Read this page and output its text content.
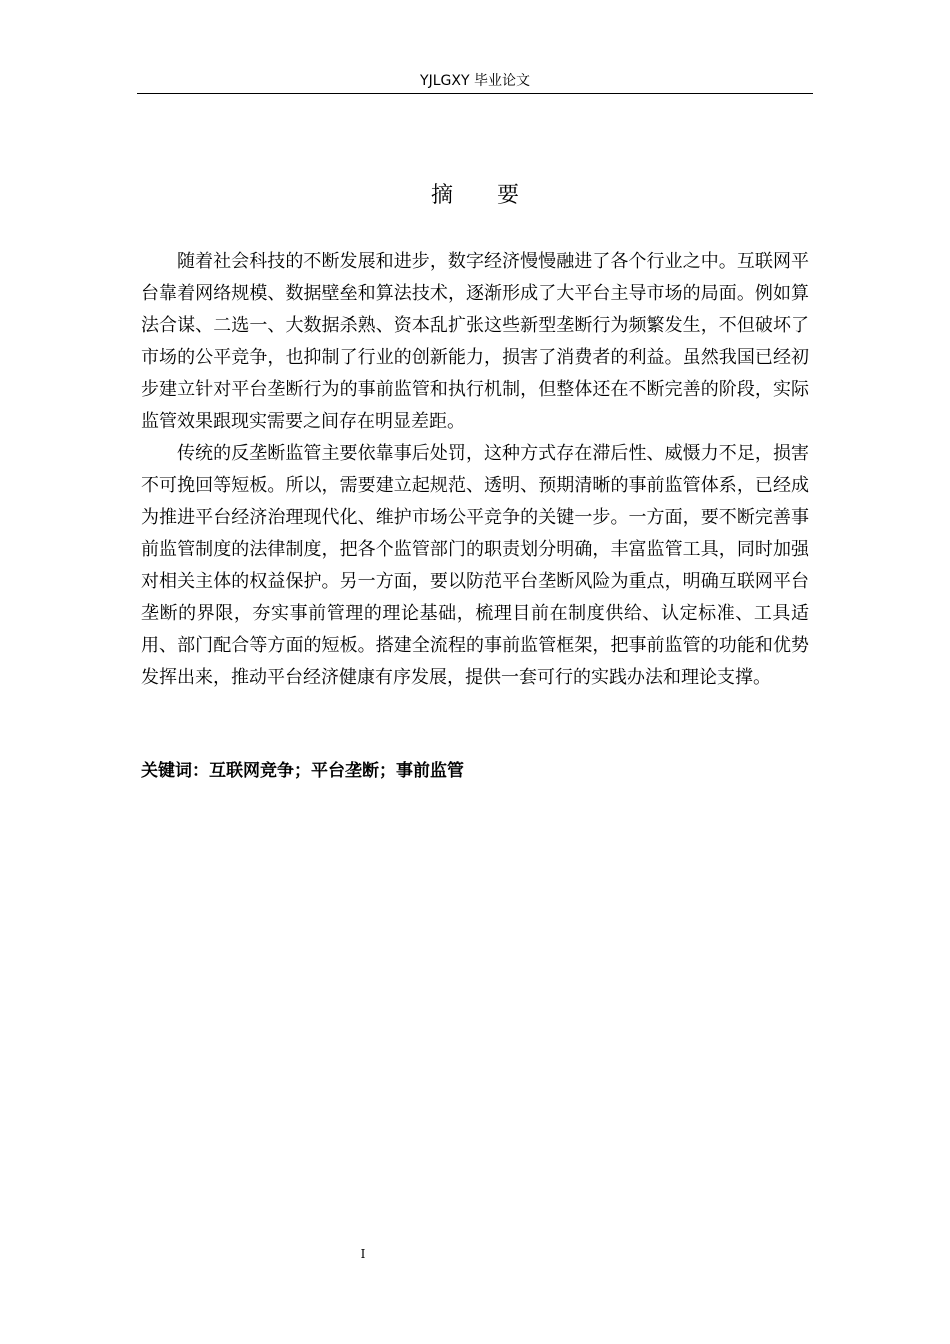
YJLGXY 毕业论文
摘 要

随着社会科技的不断发展和进步，数字经济慢慢融进了各个行业之中。互联网平台靠着网络规模、数据壁垒和算法技术，逐渐形成了大平台主导市场的局面。例如算法合谋、二选一、大数据杀熟、资本乱扩张这些新型垄断行为频繁发生，不但破坏了市场的公平竞争，也抑制了行业的创新能力，损害了消费者的利益。虽然我国已经初步建立针对平台垄断行为的事前监管和执行机制，但整体还在不断完善的阶段，实际监管效果跟现实需要之间存在明显差距。

传统的反垄断监管主要依靠事后处罚，这种方式存在滞后性、威慑力不足，损害不可挽回等短板。所以，需要建立起规范、透明、预期清晰的事前监管体系，已经成为推进平台经济治理现代化、维护市场公平竞争的关键一步。一方面，要不断完善事前监管制度的法律制度，把各个监管部门的职责划分明确，丰富监管工具，同时加强对相关主体的权益保护。另一方面，要以防范平台垄断风险为重点，明确互联网平台垄断的界限，夯实事前管理的理论基础，梳理目前在制度供给、认定标准、工具适用、部门配合等方面的短板。搭建全流程的事前监管框架，把事前监管的功能和优势发挥出来，推动平台经济健康有序发展，提供一套可行的实践办法和理论支撑。

关键词：互联网竞争；平台垄断；事前监管
I
